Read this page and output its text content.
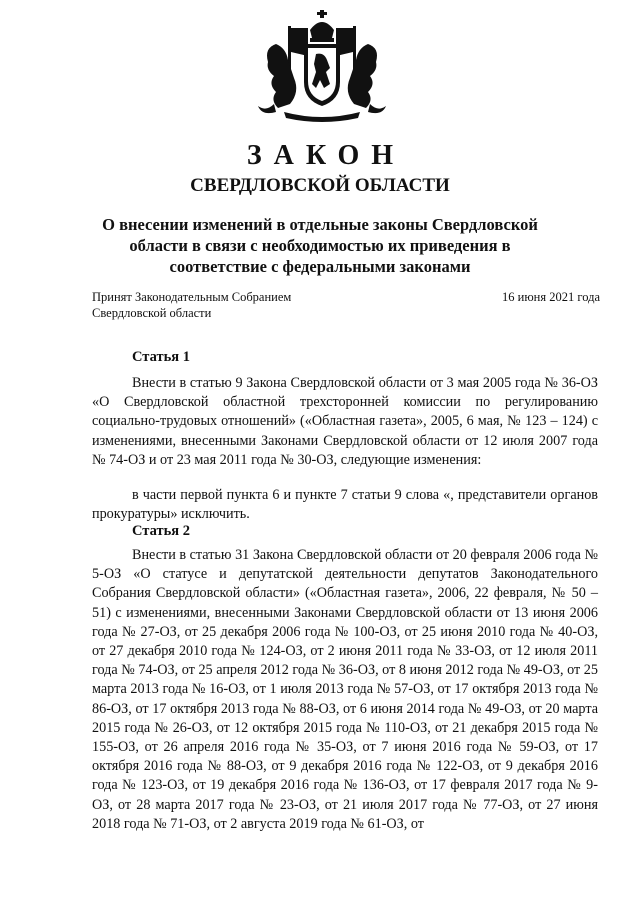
ЗАКОН
СВЕРДЛОВСКОЙ ОБЛАСТИ
О внесении изменений в отдельные законы Свердловской области в связи с необходимостью их приведения в соответствие с федеральными законами
Принят Законодательным Собранием
Свердловской области
16 июня 2021 года
Статья 1
Внести в статью 9 Закона Свердловской области от 3 мая 2005 года № 36-ОЗ «О Свердловской областной трехсторонней комиссии по регулированию социально-трудовых отношений» («Областная газета», 2005, 6 мая, № 123 – 124) с изменениями, внесенными Законами Свердловской области от 12 июля 2007 года № 74-ОЗ и от 23 мая 2011 года № 30-ОЗ, следующие изменения:
в части первой пункта 6 и пункте 7 статьи 9 слова «, представители органов прокуратуры» исключить.
Статья 2
Внести в статью 31 Закона Свердловской области от 20 февраля 2006 года № 5-ОЗ «О статусе и депутатской деятельности депутатов Законодательного Собрания Свердловской области» («Областная газета», 2006, 22 февраля, № 50 – 51) с изменениями, внесенными Законами Свердловской области от 13 июня 2006 года № 27-ОЗ, от 25 декабря 2006 года № 100-ОЗ, от 25 июня 2010 года № 40-ОЗ, от 27 декабря 2010 года № 124-ОЗ, от 2 июня 2011 года № 33-ОЗ, от 12 июля 2011 года № 74-ОЗ, от 25 апреля 2012 года № 36-ОЗ, от 8 июня 2012 года № 49-ОЗ, от 25 марта 2013 года № 16-ОЗ, от 1 июля 2013 года № 57-ОЗ, от 17 октября 2013 года № 86-ОЗ, от 17 октября 2013 года № 88-ОЗ, от 6 июня 2014 года № 49-ОЗ, от 20 марта 2015 года № 26-ОЗ, от 12 октября 2015 года № 110-ОЗ, от 21 декабря 2015 года № 155-ОЗ, от 26 апреля 2016 года № 35-ОЗ, от 7 июня 2016 года № 59-ОЗ, от 17 октября 2016 года № 88-ОЗ, от 9 декабря 2016 года № 122-ОЗ, от 9 декабря 2016 года № 123-ОЗ, от 19 декабря 2016 года № 136-ОЗ, от 17 февраля 2017 года № 9-ОЗ, от 28 марта 2017 года № 23-ОЗ, от 21 июля 2017 года № 77-ОЗ, от 27 июня 2018 года № 71-ОЗ, от 2 августа 2019 года № 61-ОЗ, от
